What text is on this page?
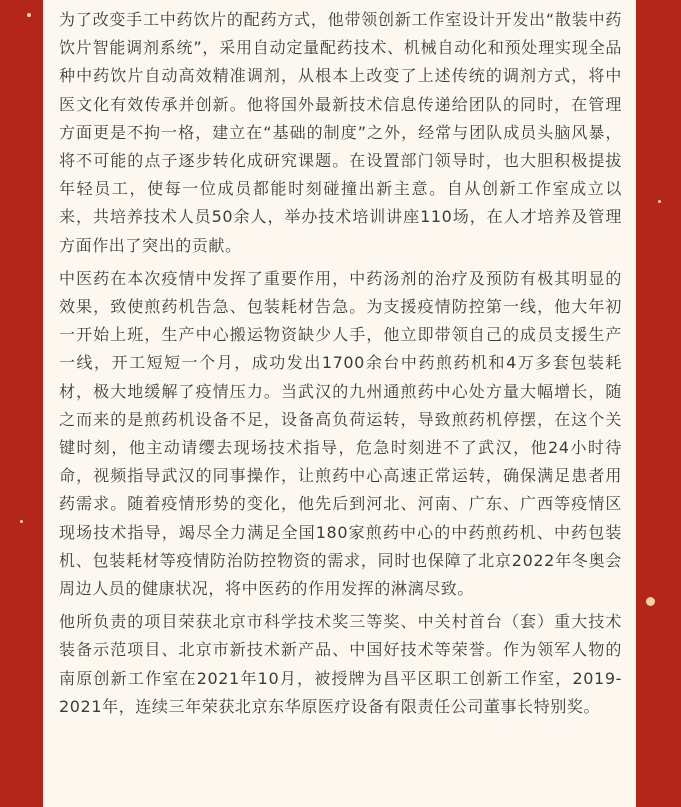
为了改变手工中药饮片的配药方式，他带领创新工作室设计开发出“散装中药饮片智能调剂系统”，采用自动定量配药技术、机械自动化和预处理实现全品种中药饮片自动高效精准调剂，从根本上改变了上述传统的调剂方式，将中医文化有效传承并创新。他将国外最新技术信息传递给团队的同时，在管理方面更是不拘一格，建立在“基础的制度”之外，经常与团队成员头脑风暴，将不可能的点子逐步转化成研究课题。在设置部门领导时，也大胆积极提拔年轻员工，使每一位成员都能时刻碰撞出新主意。自从创新工作室成立以来，共培养技术人员50余人，举办技术培训讲座110场，在人才培养及管理方面作出了突出的贡献。

中医药在本次疫情中发挥了重要作用，中药汤剂的治疗及预防有极其明显的效果，致使煎药机告急、包装耗材告急。为支援疫情防控第一线，他大年初一开始上班，生产中心搬运物资缺少人手，他立即带领自己的成员支援生产一线，开工短短一个月，成功发出1700余台中药煎药机和4万多套包装耗材，极大地缓解了疫情压力。当武汉的九州通煎药中心处方量大幅增长，随之而来的是煎药机设备不足，设备高负荷运转，导致煎药机停摆，在这个关键时刻，他主动请缨去现场技术指导，危急时刻进不了武汉，他24小时待命，视频指导武汉的同事操作，让煎药中心高速正常运转，确保满足患者用药需求。随着疫情形势的变化，他先后到河北、河南、广东、广西等疫情区现场技术指导，竭尽全力满足全国180家煎药中心的中药煎药机、中药包装机、包装耗材等疫情防治防控物资的需求，同时也保障了北京2022年冬奥会周边人员的健康状况，将中医药的作用发挥的淋漓尽致。

他所负责的项目荣获北京市科学技术奖三等奖、中关村首台（套）重大技术装备示范项目、北京市新技术新产品、中国好技术等荣誉。作为领军人物的南原创新工作室在2021年10月，被授牌为昌平区职工创新工作室，2019-2021年，连续三年荣获北京东华原医疗设备有限责任公司董事长特别奖。
